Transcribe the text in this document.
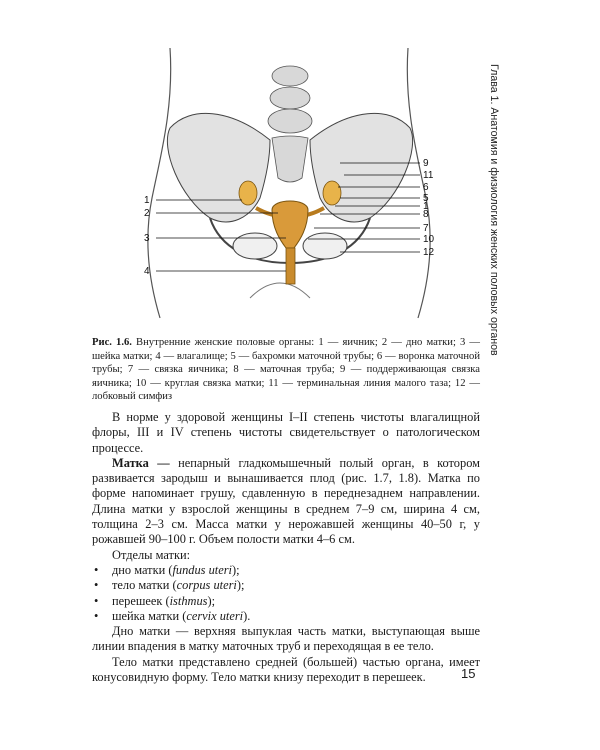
Глава 1. Анатомия и физиология женских половых органов
1
2
3
4
9
11
6
5
1
8
7
10
12
Рис. 1.6. Внутренние женские половые органы: 1 — яичник; 2 — дно матки; 3 — шейка матки; 4 — влагалище; 5 — бахромки маточной трубы; 6 — воронка маточной трубы; 7 — связка яичника; 8 — маточная труба; 9 — поддерживающая связка яичника; 10 — круглая связка матки; 11 — терминальная линия малого таза; 12 — лобковый симфиз

В норме у здоровой женщины I–II степень чистоты влагалищной флоры, III и IV степень чистоты свидетельствует о патологическом процессе.

Матка — непарный гладкомышечный полый орган, в котором развивается зародыш и вынашивается плод (рис. 1.7, 1.8). Матка по форме напоминает грушу, сдавленную в переднезаднем направлении. Длина матки у взрослой женщины в среднем 7–9 см, ширина 4 см, толщина 2–3 см. Масса матки у нерожавшей женщины 40–50 г, у рожавшей 90–100 г. Объем полости матки 4–6 см.

Отделы матки:

• дно матки (fundus uteri);
• тело матки (corpus uteri);
• перешеек (isthmus);
• шейка матки (cervix uteri).

Дно матки — верхняя выпуклая часть матки, выступающая выше линии впадения в матку маточных труб и переходящая в ее тело.

Тело матки представлено средней (большей) частью органа, имеет конусовидную форму. Тело матки книзу переходит в перешеек.	15
